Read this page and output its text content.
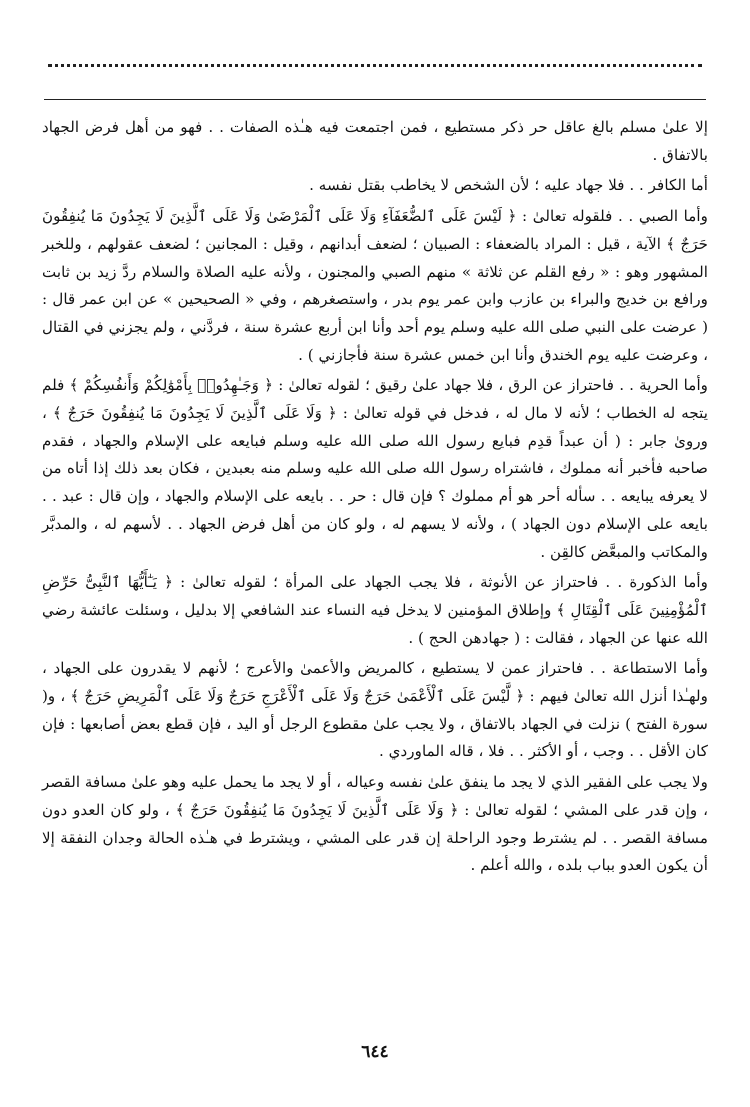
إلا علىٰ مسلم بالغ عاقل حر ذكر مستطيع ، فمن اجتمعت فيه هـٰذه الصفات . . فهو من أهل فرض الجهاد بالاتفاق .

أما الكافر . . فلا جهاد عليه ؛ لأن الشخص لا يخاطب بقتل نفسه .

وأما الصبي . . فلقوله تعالىٰ : ﴿ لَيْسَ عَلَى ٱلضُّعَفَآءِ وَلَا عَلَى ٱلْمَرْضَىٰ وَلَا عَلَى ٱلَّذِينَ لَا يَجِدُونَ مَا يُنفِقُونَ حَرَجٌ ﴾ الآية ، قيل : المراد بالضعفاء : الصبيان ؛ لضعف أبدانهم ، وقيل : المجانين ؛ لضعف عقولهم ، وللخبر المشهور وهو : « رفع القلم عن ثلاثة » منهم الصبي والمجنون ، ولأنه عليه الصلاة والسلام ردَّ زيد بن ثابت ورافع بن خديج والبراء بن عازب وابن عمر يوم بدر ، واستصغرهم ، وفي « الصحيحين » عن ابن عمر قال : ( عرضت على النبي صلى الله عليه وسلم يوم أحد وأنا ابن أربع عشرة سنة ، فردَّني ، ولم يجزني في القتال ، وعرضت عليه يوم الخندق وأنا ابن خمس عشرة سنة فأجازني ) .

وأما الحرية . . فاحتراز عن الرق ، فلا جهاد علىٰ رقيق ؛ لقوله تعالىٰ : ﴿ وَجَـٰهِدُوا۟ بِأَمْوَٰلِكُمْ وَأَنفُسِكُمْ ﴾ فلم يتجه له الخطاب ؛ لأنه لا مال له ، فدخل في قوله تعالىٰ : ﴿ وَلَا عَلَى ٱلَّذِينَ لَا يَجِدُونَ مَا يُنفِقُونَ حَرَجٌ ﴾ ، وروىٰ جابر : ( أن عبداً قدِم فبايع رسول الله صلى الله عليه وسلم فبايعه على الإسلام والجهاد ، فقدم صاحبه فأخبر أنه مملوك ، فاشتراه رسول الله صلى الله عليه وسلم منه بعبدين ، فكان بعد ذلك إذا أتاه من لا يعرفه يبايعه . . سأله أحر هو أم مملوك ؟ فإن قال : حر . . بايعه على الإسلام والجهاد ، وإن قال : عبد . . بايعه على الإسلام دون الجهاد ) ، ولأنه لا يسهم له ، ولو كان من أهل فرض الجهاد . . لأسهم له ، والمدبَّر والمكاتب والمبعَّض كالقِن .

وأما الذكورة . . فاحتراز عن الأنوثة ، فلا يجب الجهاد على المرأة ؛ لقوله تعالىٰ : ﴿ يَـٰٓأَيُّهَا ٱلنَّبِىُّ حَرِّضِ ٱلْمُؤْمِنِينَ عَلَى ٱلْقِتَالِ ﴾ وإطلاق المؤمنين لا يدخل فيه النساء عند الشافعي إلا بدليل ، وسئلت عائشة رضي الله عنها عن الجهاد ، فقالت : ( جهادهن الحج ) .

وأما الاستطاعة . . فاحتراز عمن لا يستطيع ، كالمريض والأعمىٰ والأعرج ؛ لأنهم لا يقدرون على الجهاد ، ولهـٰذا أنزل الله تعالىٰ فيهم : ﴿ لَّيْسَ عَلَى ٱلْأَعْمَىٰ حَرَجٌ وَلَا عَلَى ٱلْأَعْرَجِ حَرَجٌ وَلَا عَلَى ٱلْمَرِيضِ حَرَجٌ ﴾ ، و( سورة الفتح ) نزلت في الجهاد بالاتفاق ، ولا يجب علىٰ مقطوع الرجل أو اليد ، فإن قطع بعض أصابعها : فإن كان الأقل . . وجب ، أو الأكثر . . فلا ، قاله الماوردي .

ولا يجب على الفقير الذي لا يجد ما ينفق علىٰ نفسه وعياله ، أو لا يجد ما يحمل عليه وهو علىٰ مسافة القصر ، وإن قدر على المشي ؛ لقوله تعالىٰ : ﴿ وَلَا عَلَى ٱلَّذِينَ لَا يَجِدُونَ مَا يُنفِقُونَ حَرَجٌ ﴾ ، ولو كان العدو دون مسافة القصر . . لم يشترط وجود الراحلة إن قدر على المشي ، ويشترط في هـٰذه الحالة وجدان النفقة إلا أن يكون العدو بباب بلده ، والله أعلم .

٦٤٤
